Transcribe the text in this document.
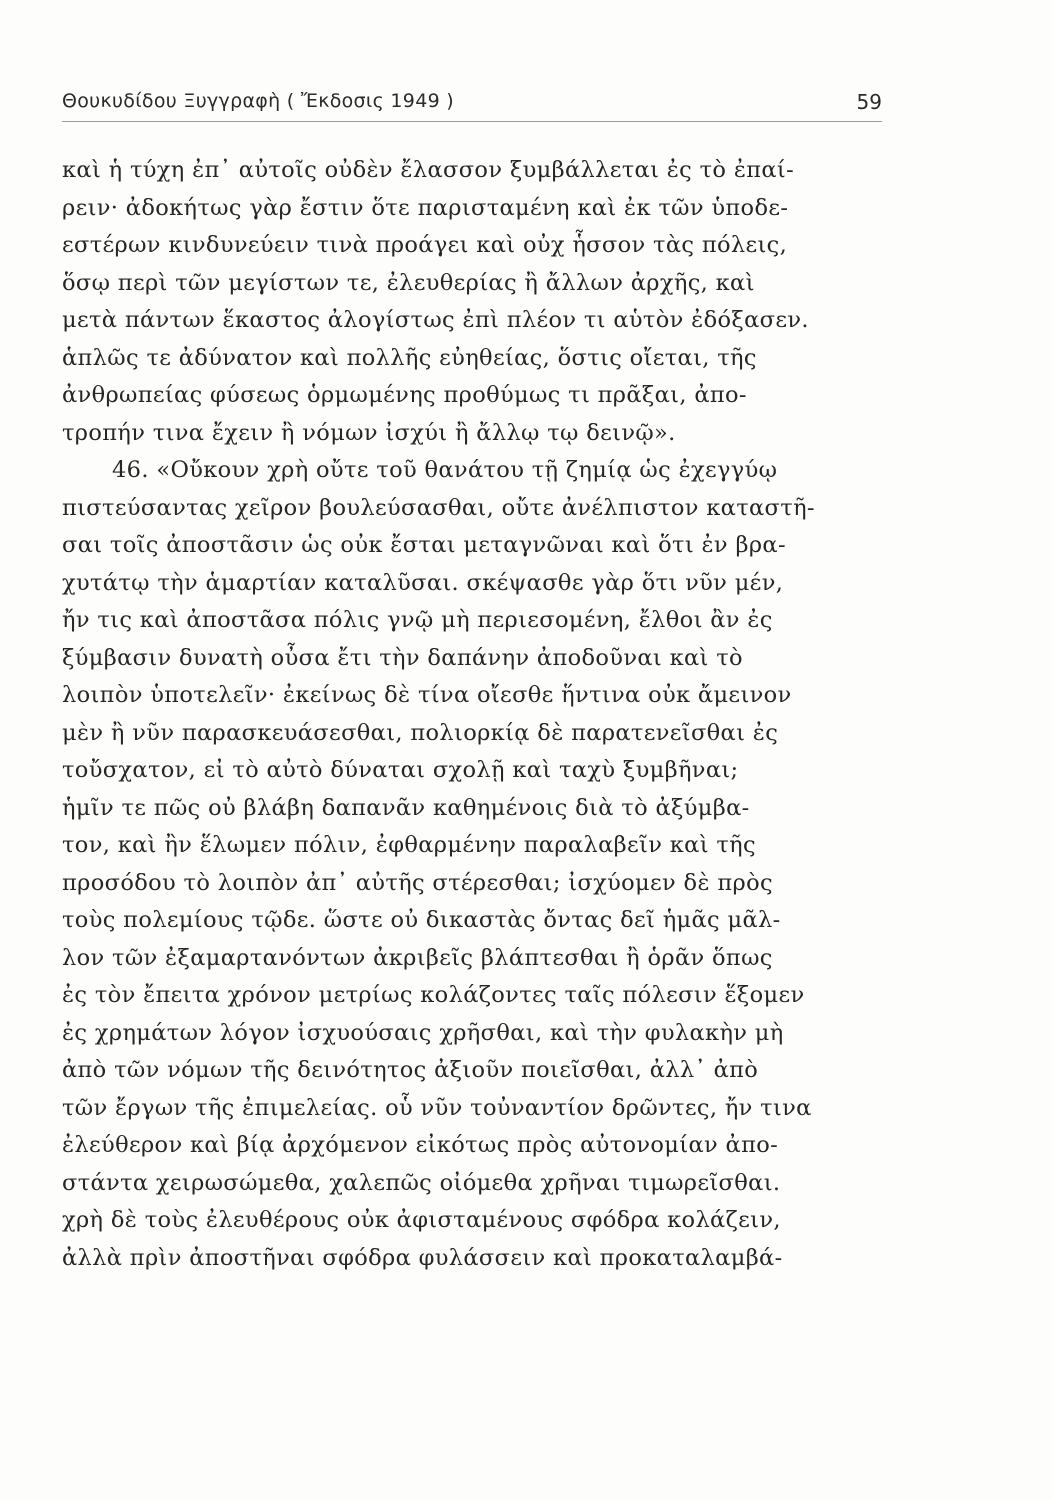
Θουκυδίδου Ξυγγραφὴ ( Ἔκδοσις 1949 )	59
καὶ ἡ τύχη ἐπ᾽ αὐτοῖς οὐδὲν ἔλασσον ξυμβάλλεται ἐς τὸ ἐπαί-
ρειν· ἀδοκήτως γὰρ ἔστιν ὅτε παρισταμένη καὶ ἐκ τῶν ὑποδε-
εστέρων κινδυνεύειν τινὰ προάγει καὶ οὐχ ἧσσον τὰς πόλεις,
ὅσῳ περὶ τῶν μεγίστων τε, ἐλευθερίας ἢ ἄλλων ἀρχῆς, καὶ
μετὰ πάντων ἕκαστος ἀλογίστως ἐπὶ πλέον τι αὑτὸν ἐδόξασεν.
ἁπλῶς τε ἀδύνατον καὶ πολλῆς εὐηθείας, ὅστις οἴεται, τῆς
ἀνθρωπείας φύσεως ὁρμωμένης προθύμως τι πρᾶξαι, ἀπο-
τροπήν τινα ἔχειν ἢ νόμων ἰσχύι ἢ ἄλλῳ τῳ δεινῷ».
46. «Οὔκουν χρὴ οὔτε τοῦ θανάτου τῇ ζημίᾳ ὡς ἐχεγγύῳ
πιστεύσαντας χεῖρον βουλεύσασθαι, οὔτε ἀνέλπιστον καταστῆ-
σαι τοῖς ἀποστᾶσιν ὡς οὐκ ἔσται μεταγνῶναι καὶ ὅτι ἐν βρα-
χυτάτῳ τὴν ἁμαρτίαν καταλῦσαι. σκέψασθε γὰρ ὅτι νῦν μέν,
ἤν τις καὶ ἀποστᾶσα πόλις γνῷ μὴ περιεσομένη, ἔλθοι ἂν ἐς
ξύμβασιν δυνατὴ οὖσα ἔτι τὴν δαπάνην ἀποδοῦναι καὶ τὸ
λοιπὸν ὑποτελεῖν· ἐκείνως δὲ τίνα οἴεσθε ἥντινα οὐκ ἄμεινον
μὲν ἢ νῦν παρασκευάσεσθαι, πολιορκίᾳ δὲ παρατενεῖσθαι ἐς
τοὔσχατον, εἰ τὸ αὐτὸ δύναται σχολῇ καὶ ταχὺ ξυμβῆναι;
ἡμῖν τε πῶς οὐ βλάβη δαπανᾶν καθημένοις διὰ τὸ ἀξύμβα-
τον, καὶ ἢν ἕλωμεν πόλιν, ἐφθαρμένην παραλαβεῖν καὶ τῆς
προσόδου τὸ λοιπὸν ἀπ᾽ αὐτῆς στέρεσθαι; ἰσχύομεν δὲ πρὸς
τοὺς πολεμίους τῷδε. ὥστε οὐ δικαστὰς ὄντας δεῖ ἡμᾶς μᾶλ-
λον τῶν ἐξαμαρτανόντων ἀκριβεῖς βλάπτεσθαι ἢ ὁρᾶν ὅπως
ἐς τὸν ἔπειτα χρόνον μετρίως κολάζοντες ταῖς πόλεσιν ἕξομεν
ἐς χρημάτων λόγον ἰσχυούσαις χρῆσθαι, καὶ τὴν φυλακὴν μὴ
ἀπὸ τῶν νόμων τῆς δεινότητος ἀξιοῦν ποιεῖσθαι, ἀλλ᾽ ἀπὸ
τῶν ἔργων τῆς ἐπιμελείας. οὗ νῦν τοὐναντίον δρῶντες, ἤν τινα
ἐλεύθερον καὶ βίᾳ ἀρχόμενον εἰκότως πρὸς αὐτονομίαν ἀπο-
στάντα χειρωσώμεθα, χαλεπῶς οἰόμεθα χρῆναι τιμωρεῖσθαι.
χρὴ δὲ τοὺς ἐλευθέρους οὐκ ἀφισταμένους σφόδρα κολάζειν,
ἀλλὰ πρὶν ἀποστῆναι σφόδρα φυλάσσειν καὶ προκαταλαμβά-
